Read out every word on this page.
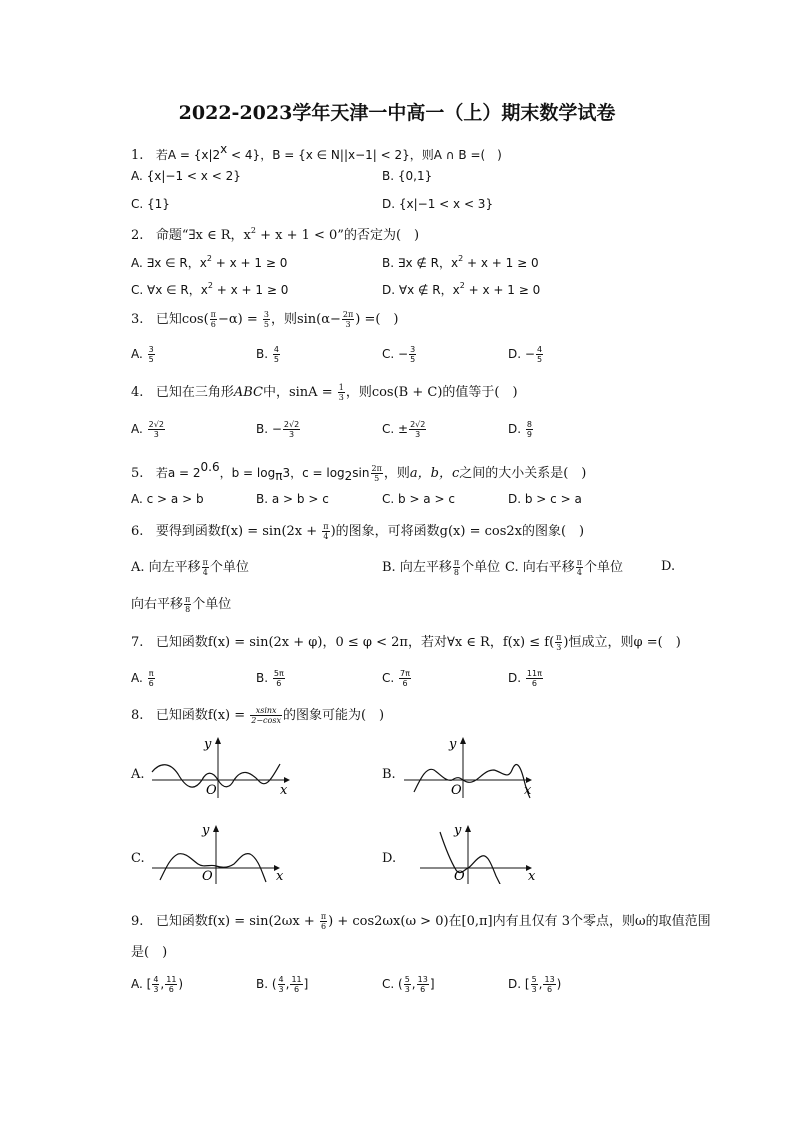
2022-2023学年天津一中高一（上）期末数学试卷
1. 若$A = \{x|2^x < 4\}$，B = {x ∈ N||x−1| < 2}，则A ∩ B =(　)
A. {x|−1 < x < 2}	B. {0,1}
C. {1}	D. {x|−1 < x < 3}
2. 命题“∃x ∈ R，$x^2 + x + 1 < 0$”的否定为(　)
A. ∃x ∈ R，$x^2 + x + 1 \ge 0$	B. ∃x ∉ R，$x^2 + x + 1 \ge 0$
C. ∀x ∈ R，$x^2 + x + 1 \ge 0$	D. ∀x ∉ R，$x^2 + x + 1 \ge 0$
3. 已知$\cos( \frac{\pi}{6} -\alpha) = \frac{3}{5}$ ，则$\sin(\alpha- \frac{2\pi}{3}$ ) =(　)
A. $\frac{3}{5}$	B. $\frac{4}{5}$	C. − $\frac{3}{5}$	D. − $\frac{4}{5}$
4. 已知在三角形ABC中，$\sin A = \frac{1}{3}$ ，则cos(B + C)的值等于(　)
A. $\frac{2√2}{3}$	B. − $\frac{2√2}{3}$	C. ± $\frac{2√2}{3}$	D. $\frac{8}{9}$
5. 若$a = 2^{0.6}$，$b = \log_\pi 3$，$c = \log_2\sin \frac{2\pi}{5}$ ，则a，b，c之间的大小关系是(　)
A. c > a > b	B. a > b > c	C. b > a > c	D. b > c > a
6. 要得到函数$f(x) = \sin(2x + \frac{\pi}{4}$ )的图象，可将函数g(x) = cos2x的图象(　)
A. 向左平移 $\frac{\pi}{4}$ 个单位	B. 向左平移 $\frac{\pi}{8}$ 个单位 C. 向右平移 $\frac{\pi}{4}$ 个单位	D.
向右平移 $\frac{\pi}{8}$ 个单位
7. 已知函数f(x) = sin(2x + φ)，0 ≤ φ < 2π，若对∀x ∈ R，$f(x) \le f( \frac{\pi}{3}$ )恒成立，则φ =(　)
A. $\frac{\pi}{6}$	B. $\frac{5\pi}{6}$	C. $\frac{7\pi}{6}$	D. $\frac{11\pi}{6}$
8. 已知函数$f(x) = \frac{xsinx}{2-\cos x}$ 的图象可能为(　)
A.	B.
C.	D.
O
y
x	O
y
x
O
y
x	O
y
x
9. 已知函数$f(x) = \sin(2\omega x + \frac{\pi}{6}$ ) + cos2ωx(ω > 0)在[0,π]内有且仅有 3个零点，则ω的取值范围
是(　)
A. [ $\frac{4}{3}$ , $\frac{11}{6}$ )	B. ( $\frac{4}{3}$ , $\frac{11}{6}$ ]	C. ( $\frac{5}{3}$ , $\frac{13}{6}$ ]	D. [ $\frac{5}{3}$ , $\frac{13}{6}$ )
